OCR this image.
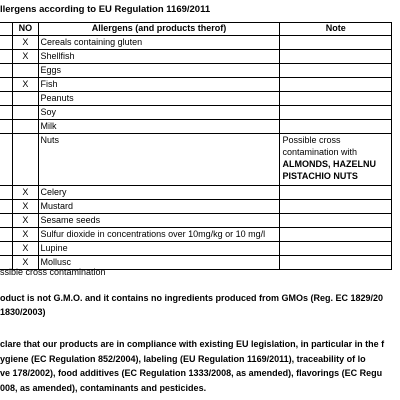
llergens according to EU Regulation 1169/2011
	NO	Allergens (and products therof)	Note
	X	Cereals containing gluten	
	X	Shellfish	
		Eggs	
	X	Fish	
		Peanuts	
		Soy	
		Milk	
		Nuts	Possible cross
contamination with
ALMONDS, HAZELNU
PISTACHIO NUTS

	X	Celery	
	X	Mustard	
	X	Sesame seeds	
	X	Sulfur dioxide in concentrations over 10mg/kg or 10 mg/l	
	X	Lupine	
	X	Mollusc	
ssible cross contamination
oduct is not G.M.O. and it contains no ingredients produced from GMOs (Reg. EC 1829/20
1830/2003)
clare that our products are in compliance with existing EU legislation, in particular in the f
ygiene (EC Regulation 852/2004), labeling (EU Regulation 1169/2011), traceability of lo
ve 178/2002), food additives (EC Regulation 1333/2008, as amended), flavorings (EC Regu
008, as amended), contaminants and pesticides.
